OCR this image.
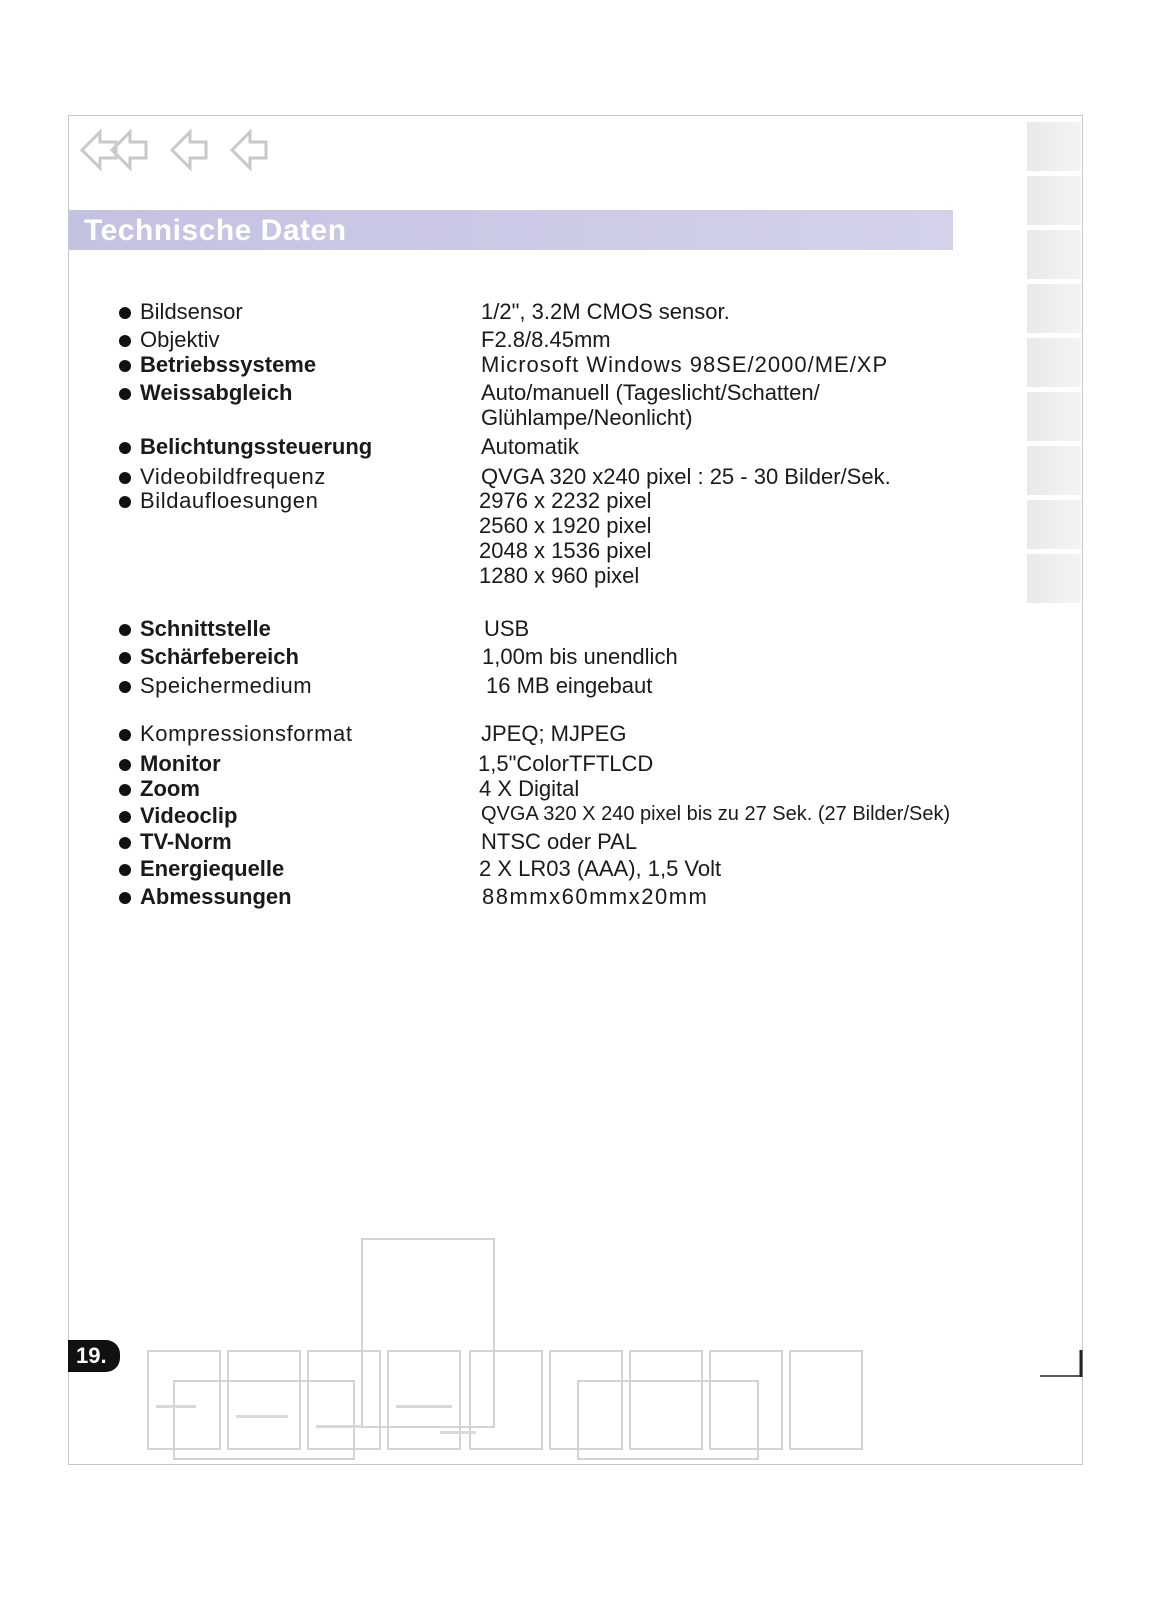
Technische Daten
Bildsensor	1/2", 3.2M CMOS sensor.
Objektiv	F2.8/8.45mm
Betriebssysteme	Microsoft Windows 98SE/2000/ME/XP
Weissabgleich	Auto/manuell (Tageslicht/Schatten/
Glühlampe/Neonlicht)
Belichtungssteuerung	Automatik
Videobildfrequenz	QVGA 320 x240 pixel : 25 - 30 Bilder/Sek.
Bildaufloesungen	2976 x 2232 pixel
2560 x 1920 pixel
2048 x 1536 pixel
1280 x 960 pixel
Schnittstelle	USB
Schärfebereich	1,00m bis unendlich
Speichermedium	16 MB eingebaut
Kompressionsformat	JPEQ; MJPEG
Monitor	1,5"ColorTFTLCD
Zoom	4 X Digital
Videoclip	QVGA 320 X 240 pixel bis zu 27 Sek. (27 Bilder/Sek)
TV-Norm	NTSC oder PAL
Energiequelle	2 X LR03 (AAA), 1,5 Volt
Abmessungen	88mmx60mmx20mm
19.
